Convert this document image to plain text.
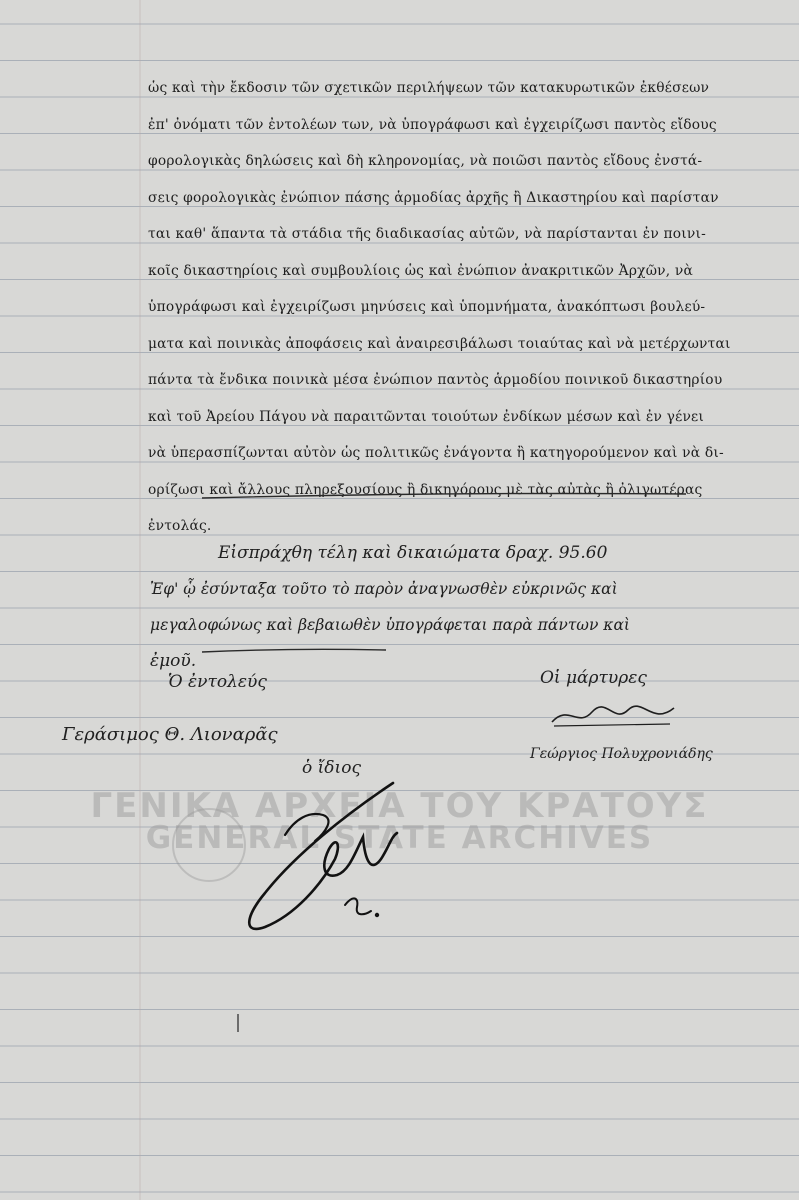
ΓΕΝΙΚΑ ΑΡΧΕΙΑ ΤΟΥ ΚΡΑΤΟΥΣ
GENERAL STATE ARCHIVES
ὡς καὶ τὴν ἔκδοσιν τῶν σχετικῶν περιλήψεων τῶν κατακυρωτικῶν ἐκθέσεων
ἐπ' ὀνόματι τῶν ἐντολέων των, νὰ ὑπογράφωσι καὶ ἐγχειρίζωσι παντὸς εἴδους
φορολογικὰς δηλώσεις καὶ δὴ κληρονομίας, νὰ ποιῶσι παντὸς εἴδους ἐνστά-
σεις φορολογικὰς ἐνώπιον πάσης ἁρμοδίας ἀρχῆς ἢ Δικαστηρίου καὶ παρίσταν
ται καθ' ἅπαντα τὰ στάδια τῆς διαδικασίας αὐτῶν, νὰ παρίστανται ἐν ποινι-
κοῖς δικαστηρίοις καὶ συμβουλίοις ὡς καὶ ἐνώπιον ἀνακριτικῶν Ἀρχῶν, νὰ
ὑπογράφωσι καὶ ἐγχειρίζωσι μηνύσεις καὶ ὑπομνήματα, ἀνακόπτωσι βουλεύ-
ματα καὶ ποινικὰς ἀποφάσεις καὶ ἀναιρεσιβάλωσι τοιαύτας καὶ νὰ μετέρχωνται
πάντα τὰ ἔνδικα ποινικὰ μέσα ἐνώπιον παντὸς ἁρμοδίου ποινικοῦ δικαστηρίου
καὶ τοῦ Ἀρείου Πάγου νὰ παραιτῶνται τοιούτων ἐνδίκων μέσων καὶ ἐν γένει
νὰ ὑπερασπίζωνται αὐτὸν ὡς πολιτικῶς ἐνάγοντα ἢ κατηγορούμενον καὶ νὰ δι-
ορίζωσι καὶ ἄλλους πληρεξουσίους ἢ δικηγόρους μὲ τὰς αὐτὰς ἢ ὀλιγωτέρας
ἐντολάς.
Εἰσπράχθη τέλη καὶ δικαιώματα δραχ. 95.60
Ἐφ' ᾧ ἐσύνταξα τοῦτο τὸ παρὸν ἀναγνωσθὲν εὐκρινῶς καὶ
μεγαλοφώνως καὶ βεβαιωθὲν ὑπογράφεται παρὰ πάντων καὶ
ἐμοῦ.
Ὁ ἐντολεύς
Γεράσιμος Θ. Λιοναρᾶς
ὁ ἴδιος
Οἱ μάρτυρες
Γεώργιος Πολυχρονιάδης
